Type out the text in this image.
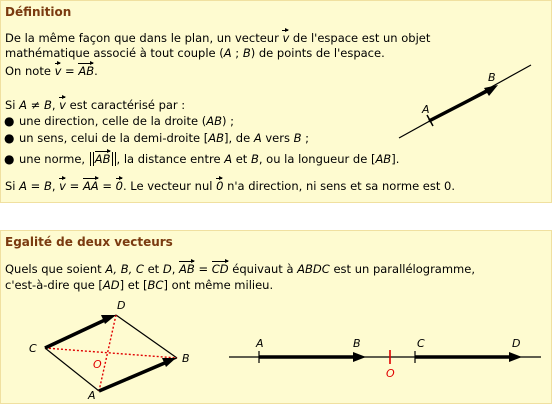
Définition
De la même façon que dans le plan, un vecteur v de l'espace est un objet
mathématique associé à tout couple (A ; B) de points de l'espace.
On note v = AB.
Si A ≠ B, v est caractérisé par :
● une direction, celle de la droite (AB) ;
● un sens, celui de la demi-droite [AB], de A vers B ;
● une norme, AB , la distance entre A et B, ou la longueur de [AB].
Si A = B, v = AA = 0. Le vecteur nul 0 n'a direction, ni sens et sa norme est 0.
A
B
Egalité de deux vecteurs
Quels que soient A, B, C et D, AB = CD équivaut à ABDC est un parallélogramme,
c'est-à-dire que [AD] et [BC] ont même milieu.
C
D
B
A
O
A	B	C	D
O
